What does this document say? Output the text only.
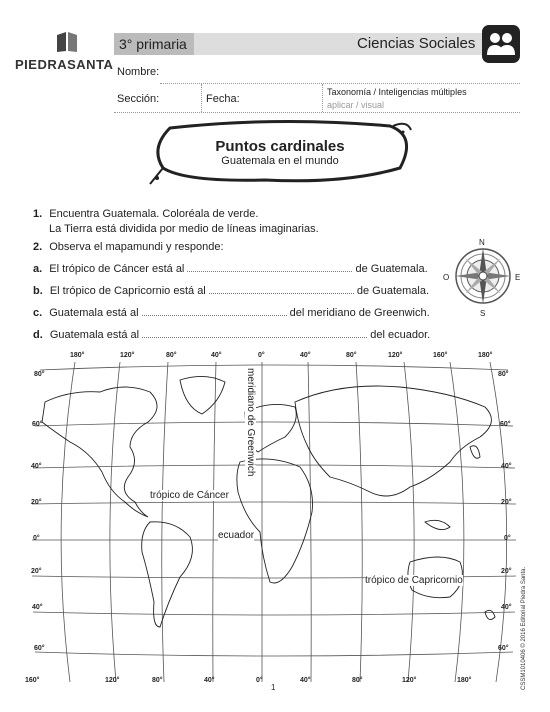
PIEDRASANTA
3° primaria	Ciencias Sociales
Nombre:
Sección:	Fecha:
Taxonomía / Inteligencias múltiples
aplicar / visual
Puntos cardinales
Guatemala en el mundo
1. Encuentra Guatemala. Coloréala de verde.
La Tierra está dividida por medio de líneas imaginarias.
2. Observa el mapamundi y responde:
a. El trópico de Cáncer está al	de Guatemala.
b. El trópico de Capricornio está al	de Guatemala.
c. Guatemala está al	del meridiano de Greenwich.
d. Guatemala está al	del ecuador.
N
S
E
O
180°	120°	80°	40°	0°	40°	80°	120°	160°	180°
160°	120°	80°	40°	0°	40°	80°	120°	180°
80°
60°
40°
20°
0°
20°
40°
60°
80°
60°
40°
20°
0°
20°
40°
60°
meridiano de Greenwich
trópico de Cáncer
ecuador
trópico de Capricornio
1	CSSM1010406 © 2016 Editorial Piedra Santa.
